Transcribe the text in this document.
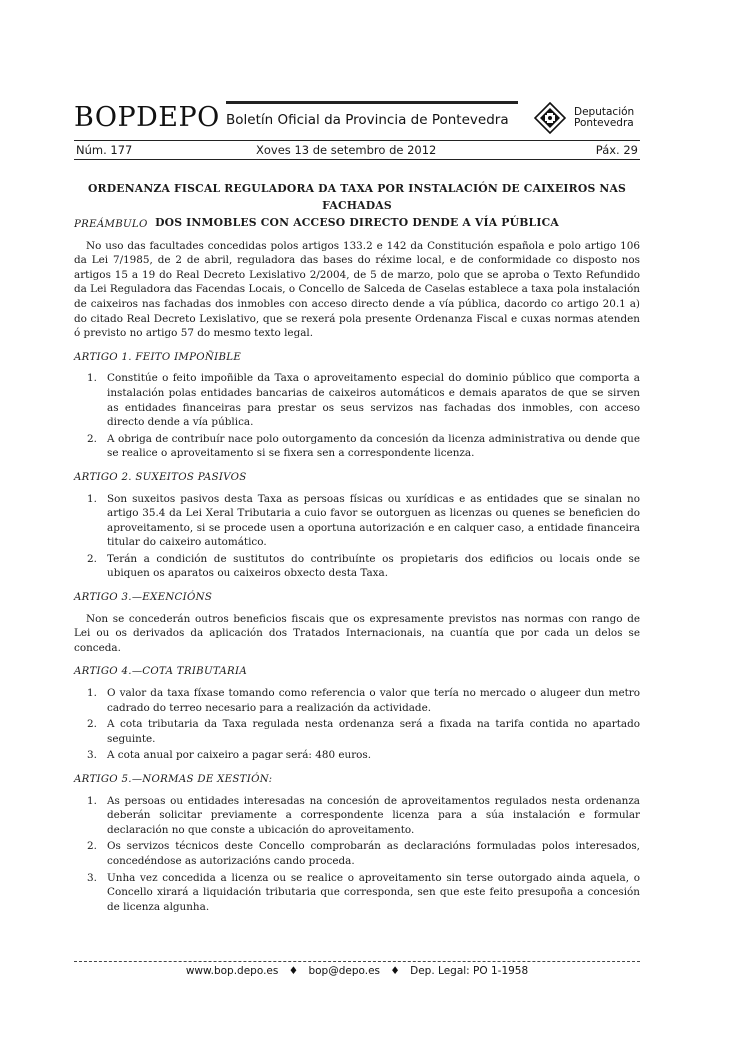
BOPDEPO Boletín Oficial da Provincia de Pontevedra	Deputación
Pontevedra
Núm. 177	Xoves 13 de setembro de 2012	Páx. 29
ORDENANZA FISCAL REGULADORA DA TAXA POR INSTALACIÓN DE CAIXEIROS NAS FACHADAS
DOS INMOBLES CON ACCESO DIRECTO DENDE A VÍA PÚBLICA
PREÁMBULO

No uso das facultades concedidas polos artigos 133.2 e 142 da Constitución española e polo artigo 106 da Lei 7/1985, de 2 de abril, reguladora das bases do réxime local, e de conformidade co disposto nos artigos 15 a 19 do Real Decreto Lexislativo 2/2004, de 5 de marzo, polo que se aproba o Texto Refundido da Lei Reguladora das Facendas Locais, o Concello de Salceda de Caselas establece a taxa pola instalación de caixeiros nas fachadas dos inmobles con acceso directo dende a vía pública, dacordo co artigo 20.1 a) do citado Real Decreto Lexislativo, que se rexerá pola presente Ordenanza Fiscal e cuxas normas atenden ó previsto no artigo 57 do mesmo texto legal.

ARTIGO 1. FEITO IMPOÑIBLE
1. Constitúe o feito impoñible da Taxa o aproveitamento especial do dominio público que comporta a instalación polas entidades bancarias de caixeiros automáticos e demais aparatos de que se sirven as entidades financeiras para prestar os seus servizos nas fachadas dos inmobles, con acceso directo dende a vía pública.
2. A obriga de contribuír nace polo outorgamento da concesión da licenza administrativa ou dende que se realice o aproveitamento si se fixera sen a correspondente licenza.
ARTIGO 2. SUXEITOS PASIVOS
1. Son suxeitos pasivos desta Taxa as persoas físicas ou xurídicas e as entidades que se sinalan no artigo 35.4 da Lei Xeral Tributaria a cuio favor se outorguen as licenzas ou quenes se beneficien do aproveitamento, si se procede usen a oportuna autorización e en calquer caso, a entidade financeira titular do caixeiro automático.
2. Terán a condición de sustitutos do contribuínte os propietaris dos edificios ou locais onde se ubiquen os aparatos ou caixeiros obxecto desta Taxa.
ARTIGO 3.—EXENCIÓNS

Non se concederán outros beneficios fiscais que os expresamente previstos nas normas con rango de Lei ou os derivados da aplicación dos Tratados Internacionais, na cuantía que por cada un delos se conceda.

ARTIGO 4.—COTA TRIBUTARIA
1. O valor da taxa fíxase tomando como referencia o valor que tería no mercado o alugeer dun metro cadrado do terreo necesario para a realización da actividade.
2. A cota tributaria da Taxa regulada nesta ordenanza será a fixada na tarifa contida no apartado seguinte.
3. A cota anual por caixeiro a pagar será: 480 euros.
ARTIGO 5.—NORMAS DE XESTIÓN:
1. As persoas ou entidades interesadas na concesión de aproveitamentos regulados nesta ordenanza deberán solicitar previamente a correspondente licenza para a súa instalación e formular declaración no que conste a ubicación do aproveitamento.
2. Os servizos técnicos deste Concello comprobarán as declaracións formuladas polos interesados, concedéndose as autorizacións cando proceda.
3. Unha vez concedida a licenza ou se realice o aproveitamento sin terse outorgado ainda aquela, o Concello xirará a liquidación tributaria que corresponda, sen que este feito presupoña a concesión de licenza algunha.
www.bop.depo.es ♦ bop@depo.es ♦ Dep. Legal: PO 1-1958
